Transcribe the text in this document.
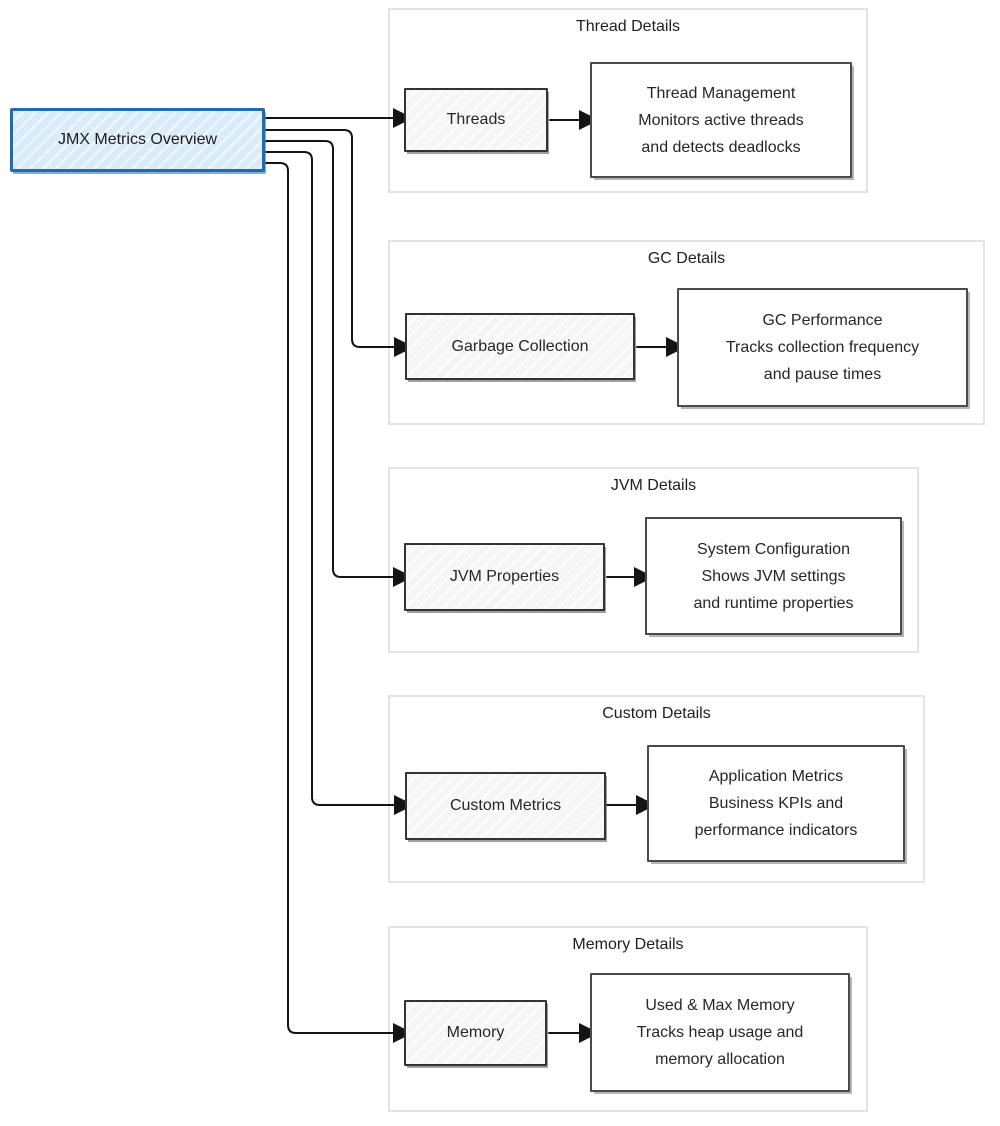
JMX Metrics Overview
Thread Details
Threads
Thread Management
Monitors active threads
and detects deadlocks
GC Details
Garbage Collection
GC Performance
Tracks collection frequency
and pause times
JVM Details
JVM Properties
System Configuration
Shows JVM settings
and runtime properties
Custom Details
Custom Metrics
Application Metrics
Business KPIs and
performance indicators
Memory Details
Memory
Used & Max Memory
Tracks heap usage and
memory allocation
